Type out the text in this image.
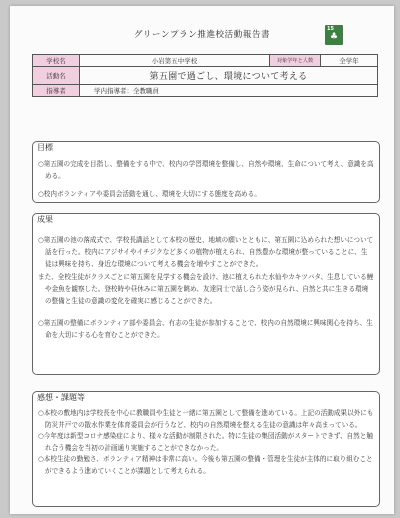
15
♣
グリーンプラン推進校活動報告書
学校名	小岩第五中学校	対象学年と人数	全学年
活動名	第五園で過ごし、環境について考える		
指導者	学内指導者：全教職員		
目標

○第五園の完成を目指し、整備をする中で、校内の学習環境を整備し、自然や環境、生命について考え、意識を高める。

○校内ボランティアや委員会活動を通し、環境を大切にする態度を高める。

成果

○第五園の池の落成式で、学校長講話として本校の歴史、地域の願いとともに、第五園に込められた想いについて話を行った。校内にアジサイやイチジクなど多くの植物が植えられ、自然豊かな環境が整っていることに、生徒は興味を持ち、身近な環境について考える機会を増やすことができた。

また、全校生徒がクラスごとに第五園を見学する機会を設け、池に植えられた水仙やカキツバタ、生息している鯉や金魚を観察した。登校時や昼休みに第五園を眺め、友達同士で話し合う姿が見られ、自然と共に生きる環境の整備と生徒の意識の変化を確実に感じることができた。

○第五園の整備にボランティア部や委員会、有志の生徒が参加することで、校内の自然環境に興味関心を持ち、生命を大切にする心を育むことができた。

感想・課題等

○本校の敷地内は学校長を中心に教職員や生徒と一緒に第五園として整備を進めている。上記の活動成果以外にも防災井戸での散水作業を体育委員会が行うなど、校内の自然環境を整える生徒の意識は年々高まっている。

○今年度は新型コロナ感染症により、様々な活動が制限された。特に生徒の集団活動がスタートできず、自然と触れ合う機会を当初の計画通り実施することができなかった。

○本校生徒の勤勉さ、ボランティア精神は非常に高い。今後も第五園の整備・管理を生徒が主体的に取り組むことができるよう進めていくことが課題として考えられる。
